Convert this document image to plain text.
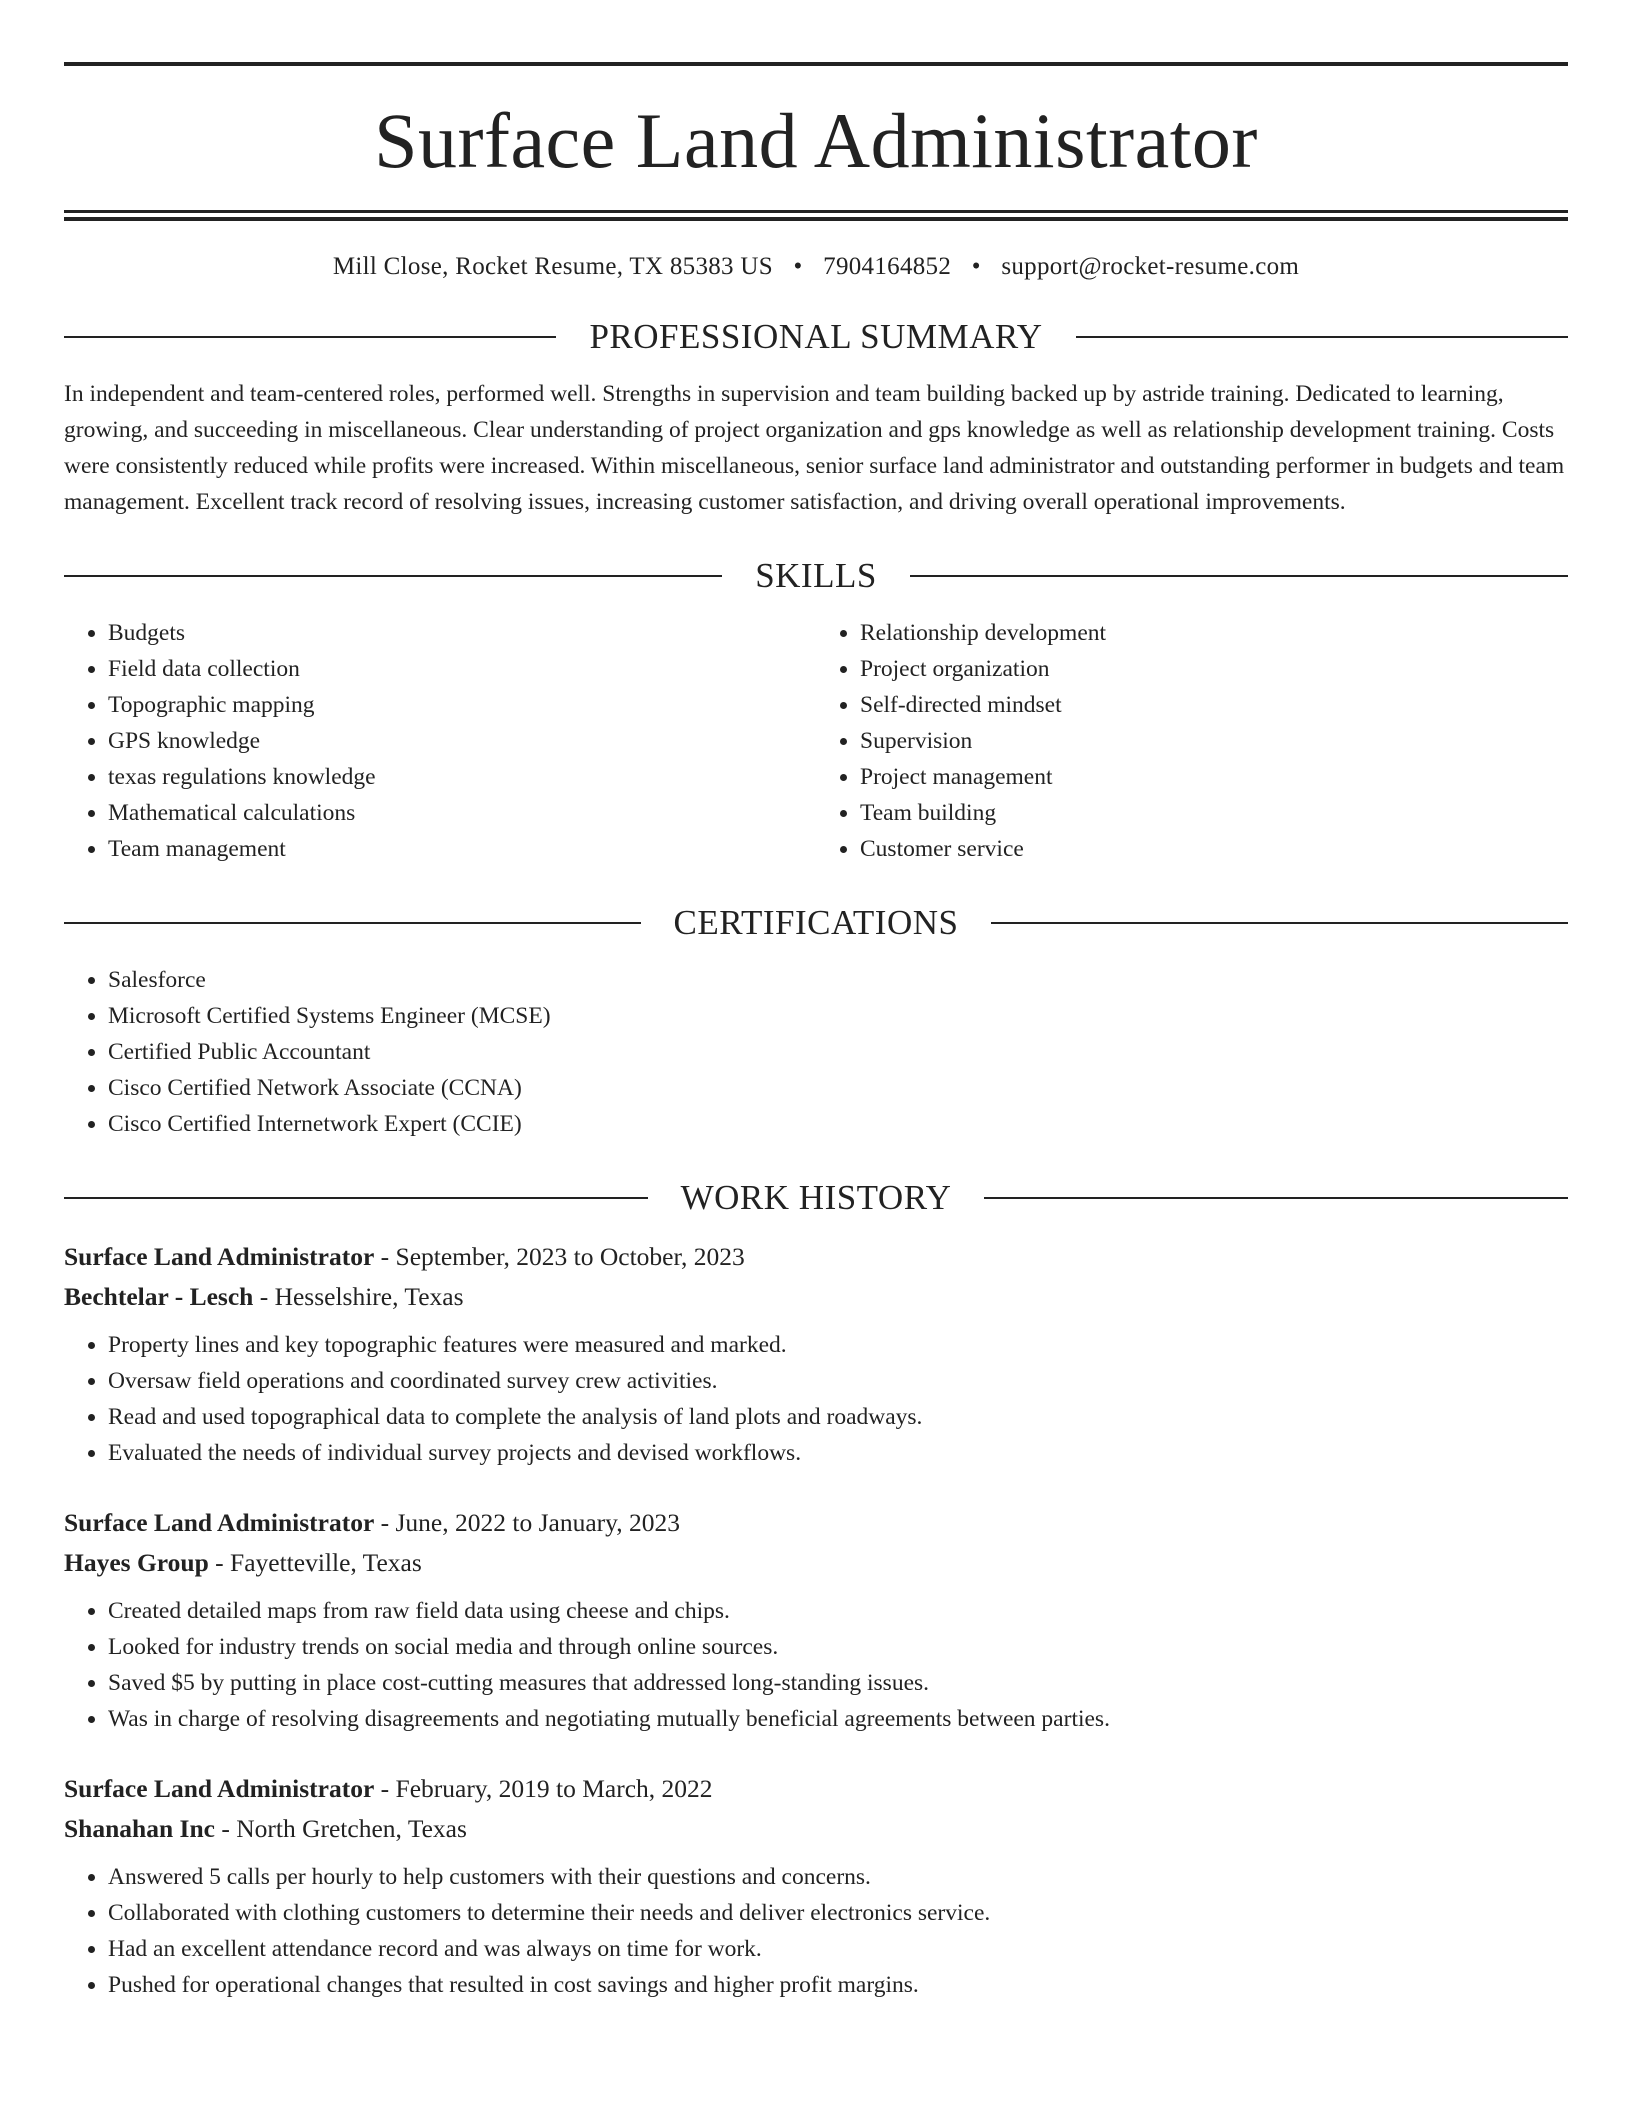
Surface Land Administrator
Mill Close, Rocket Resume, TX 85383 US • 7904164852 • support@rocket-resume.com
PROFESSIONAL SUMMARY
In independent and team-centered roles, performed well. Strengths in supervision and team building backed up by astride training. Dedicated to learning, growing, and succeeding in miscellaneous. Clear understanding of project organization and gps knowledge as well as relationship development training. Costs were consistently reduced while profits were increased. Within miscellaneous, senior surface land administrator and outstanding performer in budgets and team management. Excellent track record of resolving issues, increasing customer satisfaction, and driving overall operational improvements.
SKILLS
• Budgets
• Field data collection
• Topographic mapping
• GPS knowledge
• texas regulations knowledge
• Mathematical calculations
• Team management
• Relationship development
• Project organization
• Self-directed mindset
• Supervision
• Project management
• Team building
• Customer service
CERTIFICATIONS
• Salesforce
• Microsoft Certified Systems Engineer (MCSE)
• Certified Public Accountant
• Cisco Certified Network Associate (CCNA)
• Cisco Certified Internetwork Expert (CCIE)
WORK HISTORY
Surface Land Administrator - September, 2023 to October, 2023
Bechtelar - Lesch - Hesselshire, Texas
• Property lines and key topographic features were measured and marked.
• Oversaw field operations and coordinated survey crew activities.
• Read and used topographical data to complete the analysis of land plots and roadways.
• Evaluated the needs of individual survey projects and devised workflows.
Surface Land Administrator - June, 2022 to January, 2023
Hayes Group - Fayetteville, Texas
• Created detailed maps from raw field data using cheese and chips.
• Looked for industry trends on social media and through online sources.
• Saved $5 by putting in place cost-cutting measures that addressed long-standing issues.
• Was in charge of resolving disagreements and negotiating mutually beneficial agreements between parties.
Surface Land Administrator - February, 2019 to March, 2022
Shanahan Inc - North Gretchen, Texas
• Answered 5 calls per hourly to help customers with their questions and concerns.
• Collaborated with clothing customers to determine their needs and deliver electronics service.
• Had an excellent attendance record and was always on time for work.
• Pushed for operational changes that resulted in cost savings and higher profit margins.
